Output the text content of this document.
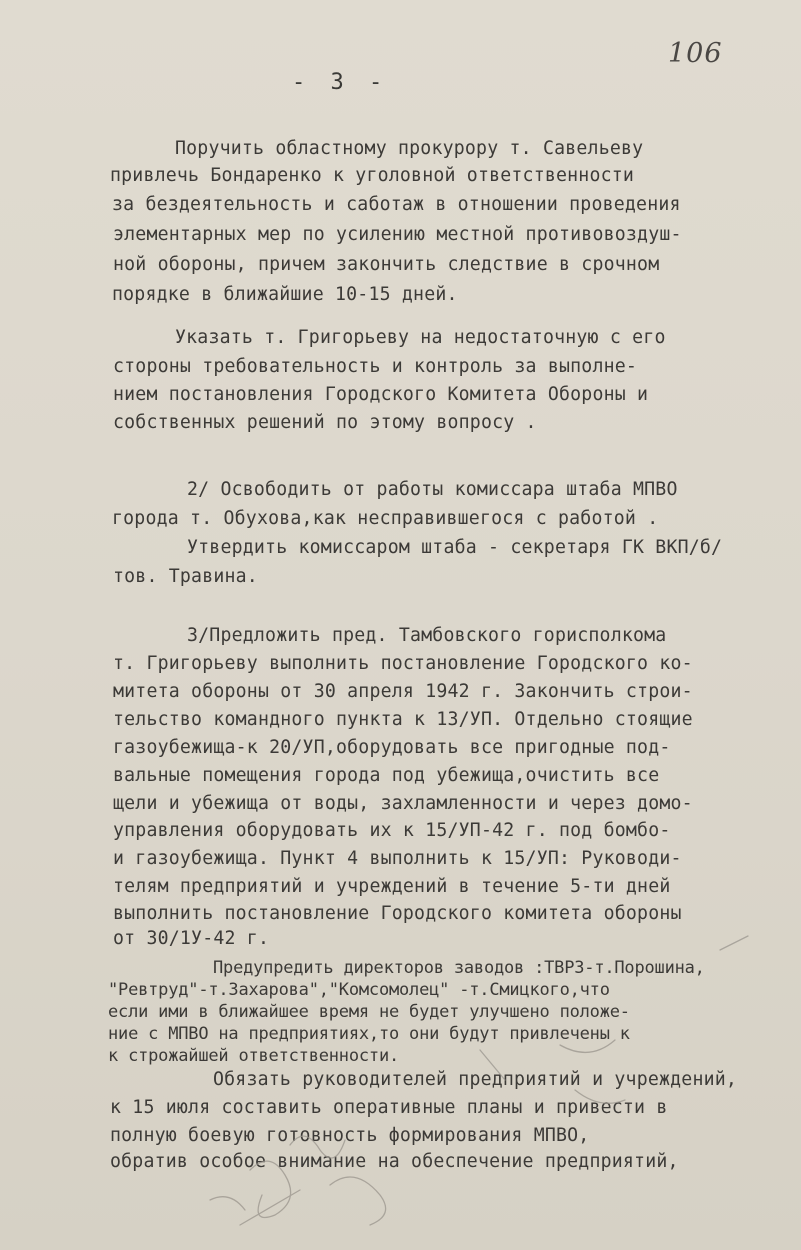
106
- 3 -
Поручить областному прокурору т. Савельеву
привлечь Бондаренко к уголовной ответственности
за бездеятельность и саботаж в отношении проведения
элементарных мер по усилению местной противовоздуш-
ной обороны, причем закончить следствие в срочном
порядке в ближайшие 10-15 дней.
Указать т. Григорьеву на недостаточную с его
стороны требовательность и контроль за выполне-
нием постановления Городского Комитета Обороны и
собственных решений по этому вопросу .
2/ Освободить от работы комиссара штаба МПВО
города т. Обухова,как несправившегося с работой .
Утвердить комиссаром штаба - секретаря ГК ВКП/б/
тов. Травина.
3/Предложить пред. Тамбовского горисполкома
т. Григорьеву выполнить постановление Городского ко-
митета обороны от 30 апреля 1942 г. Закончить строи-
тельство командного пункта к 13/УП. Отдельно стоящие
газоубежища-к 20/УП,оборудовать все пригодные под-
вальные помещения города под убежища,очистить все
щели и убежища от воды, захламленности и через домо-
управления оборудовать их к 15/УП-42 г. под бомбо-
и газоубежища. Пункт 4 выполнить к 15/УП: Руководи-
телям предприятий и учреждений в течение 5-ти дней
выполнить постановление Городского комитета обороны
от 30/1У-42 г.
Предупредить директоров заводов :ТВРЗ-т.Порошина,
"Ревтруд"-т.Захарова","Комсомолец" -т.Смицкого,что
если ими в ближайшее время не будет улучшено положе-
ние с МПВО на предприятиях,то они будут привлечены к
к строжайшей ответственности.
Обязать руководителей предприятий и учреждений,
к 15 июля составить оперативные планы и привести в
полную боевую готовность формирования МПВО,
обратив особое внимание на обеспечение предприятий,
